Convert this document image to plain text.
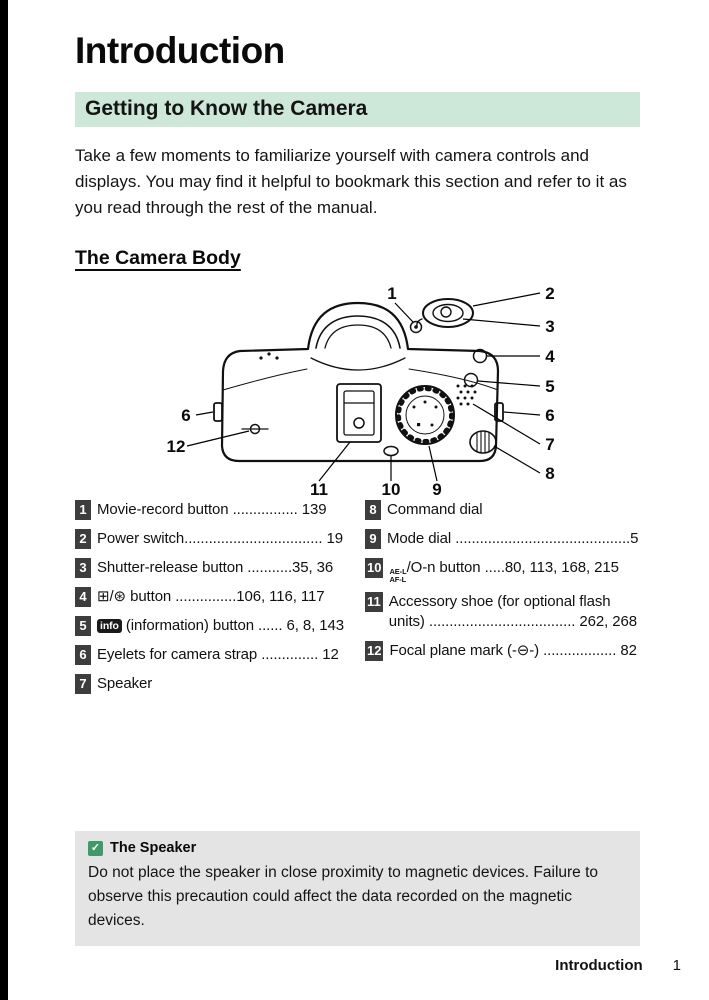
Introduction
Getting to Know the Camera

Take a few moments to familiarize yourself with camera controls and displays. You may find it helpful to bookmark this section and refer to it as you read through the rest of the manual.

The Camera Body
1	2
3
4
5
6
6
12	7
8
11	10 9
1 Movie-record button ................ 139
2 Power switch.................................. 19
3 Shutter-release button ...........35, 36
4 ⊞/⊛ button ...............106, 116, 117
5	info (information) button ...... 6, 8, 143
6 Eyelets for camera strap .............. 12
7 Speaker
8 Command dial
9 Mode dial ...........................................5
10 AE-L
AF-L
/O-n button .....80, 113, 168, 215
11 Accessory shoe (for optional flash units) .................................... 262, 268
12 Focal plane mark (-⊖-) .................. 82
✓ The Speaker
Do not place the speaker in close proximity to magnetic devices. Failure to observe this precaution could affect the data recorded on the magnetic devices.
Introduction 1
